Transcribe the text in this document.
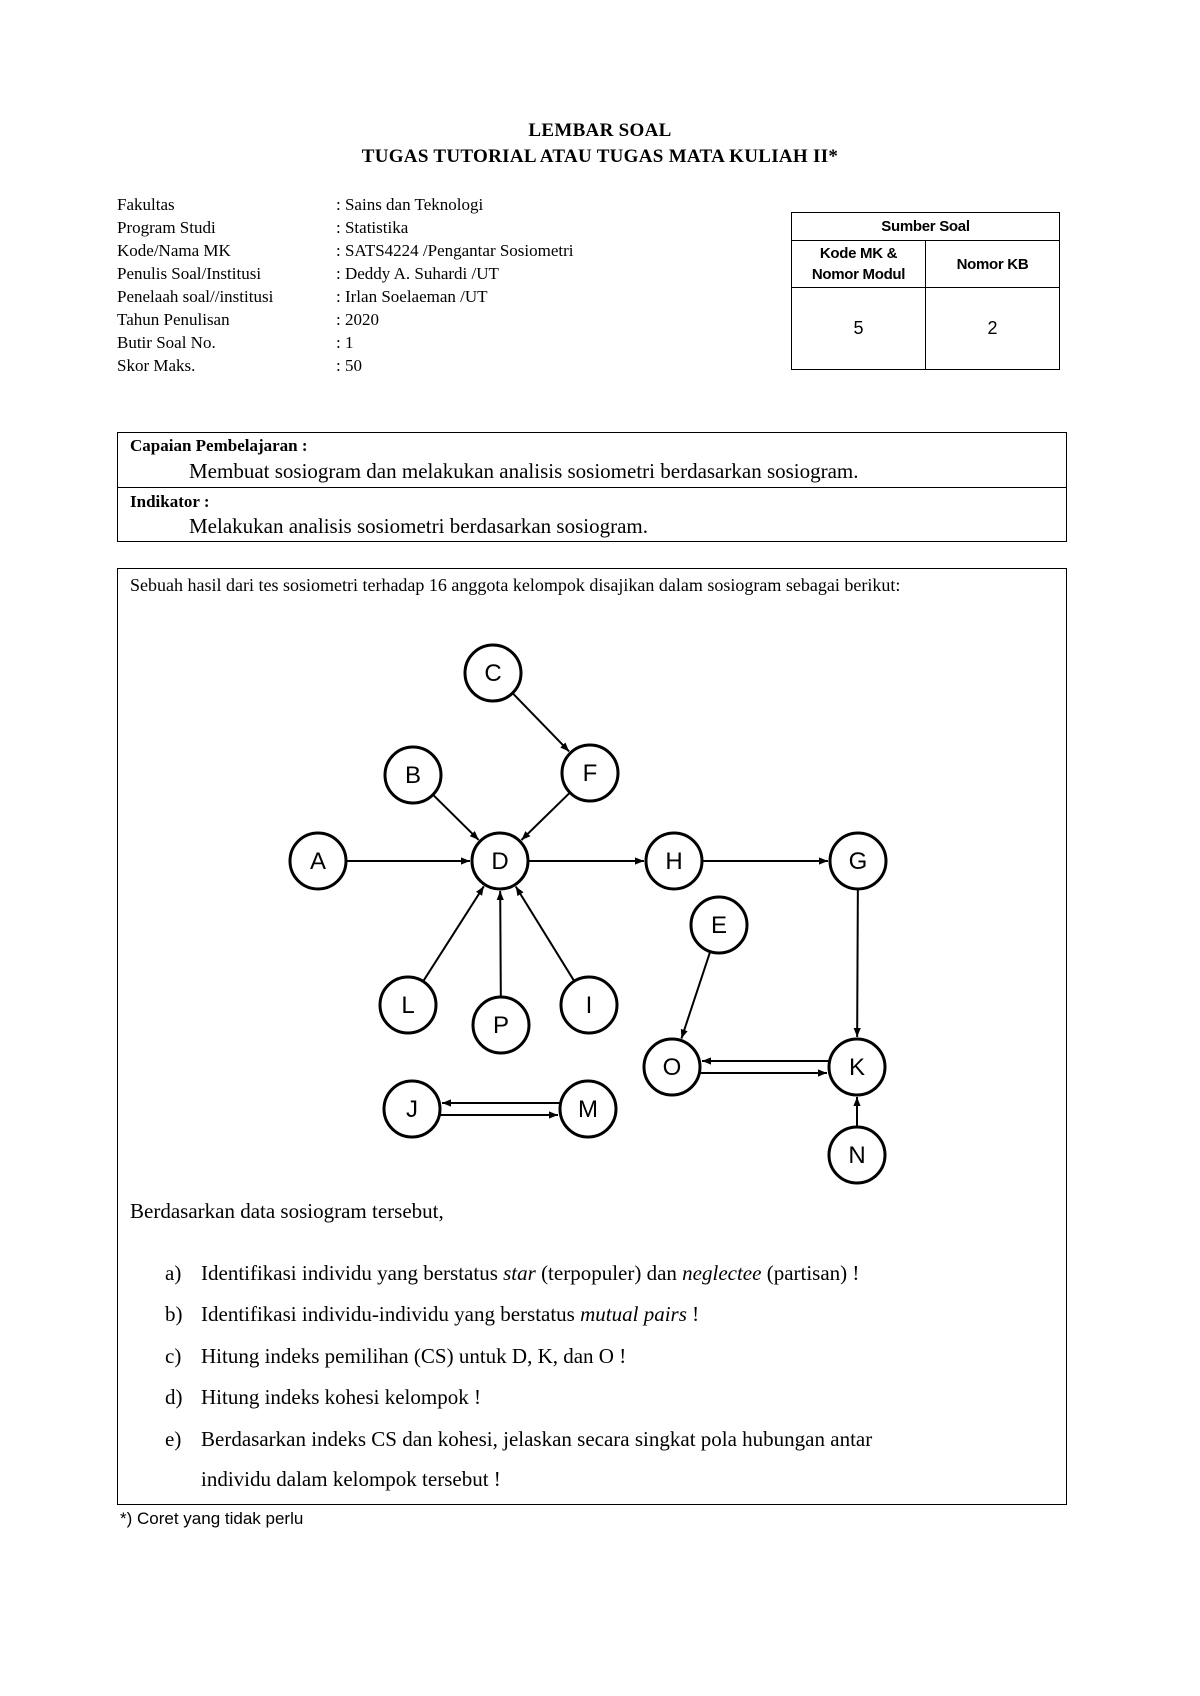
LEMBAR SOAL
TUGAS TUTORIAL ATAU TUGAS MATA KULIAH II*
Fakultas	: Sains dan Teknologi
Program Studi	: Statistika
Kode/Nama MK	: SATS4224 /Pengantar Sosiometri
Penulis Soal/Institusi	: Deddy A. Suhardi /UT
Penelaah soal//institusi	: Irlan Soelaeman /UT
Tahun Penulisan	: 2020
Butir Soal No.	: 1
Skor Maks.	: 50
Sumber Soal	
Kode MK &
Nomor Modul	Nomor KB
5	2
Capaian Pembelajaran :
Membuat sosiogram dan melakukan analisis sosiometri berdasarkan sosiogram.
Indikator :
Melakukan analisis sosiometri berdasarkan sosiogram.
Sebuah hasil dari tes sosiometri terhadap 16 anggota kelompok disajikan dalam sosiogram sebagai berikut:
A
B
C
D
E
F
G
H
I
J
K
L
M
N
O
P
Berdasarkan data sosiogram tersebut,
a) Identifikasi individu yang berstatus star (terpopuler) dan neglectee (partisan) !
b) Identifikasi individu-individu yang berstatus mutual pairs !
c) Hitung indeks pemilihan (CS) untuk D, K, dan O !
d) Hitung indeks kohesi kelompok !
e) Berdasarkan indeks CS dan kohesi, jelaskan secara singkat pola hubungan antar
individu dalam kelompok tersebut !
*) Coret yang tidak perlu
